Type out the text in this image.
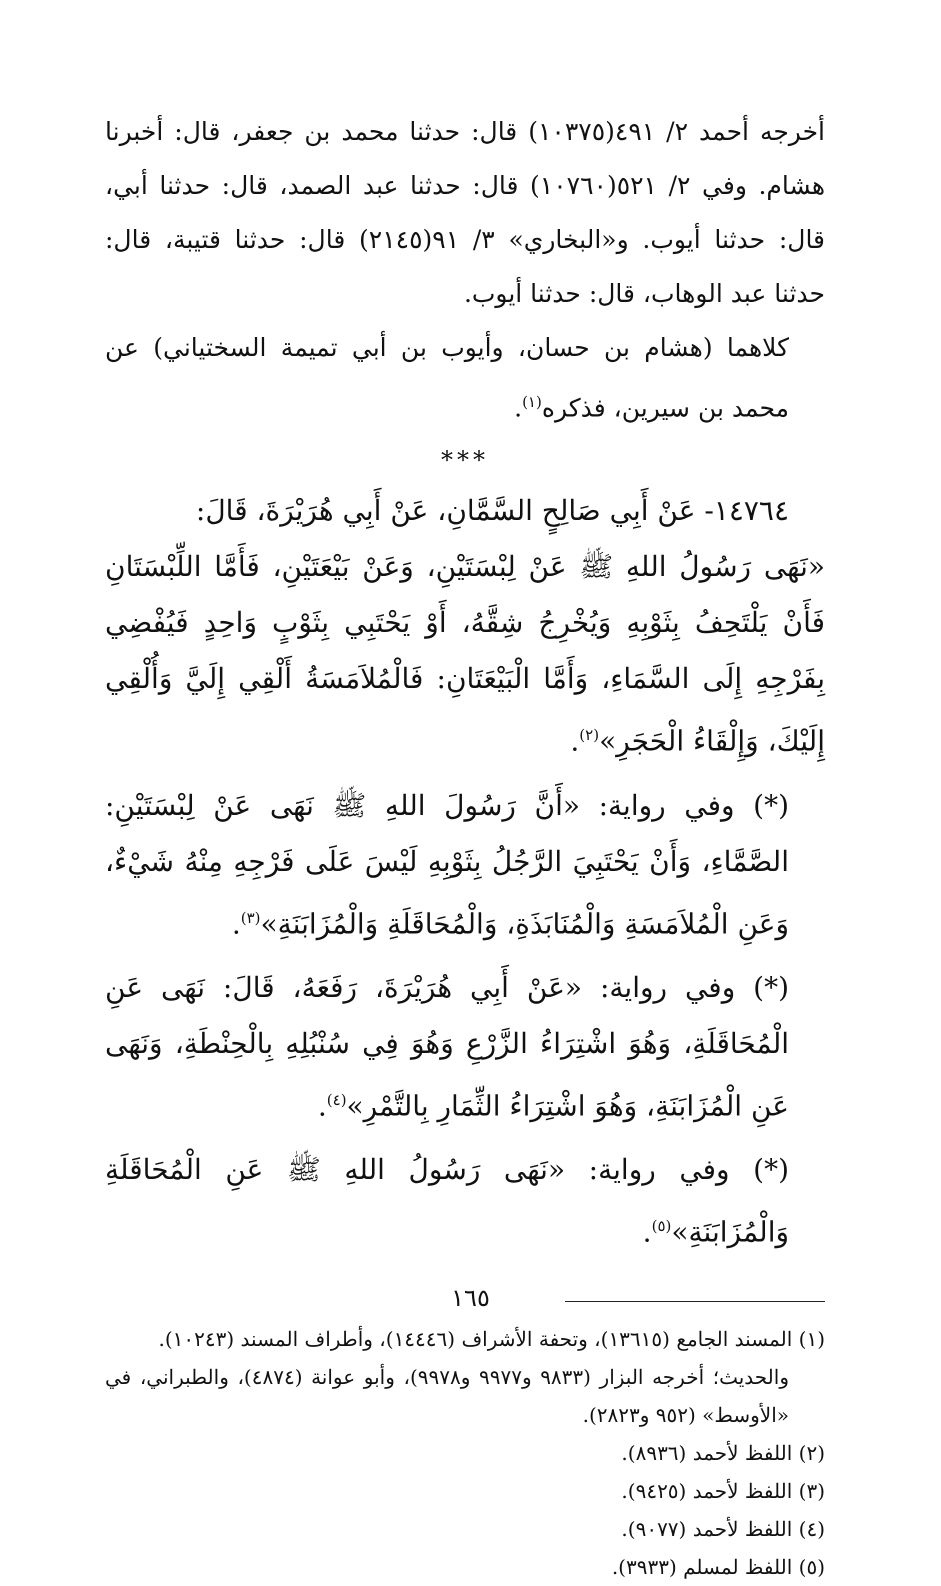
أخرجه أحمد ٢/ ٤٩١(١٠٣٧٥) قال: حدثنا محمد بن جعفر، قال: أخبرنا هشام. وفي ٢/ ٥٢١(١٠٧٦٠) قال: حدثنا عبد الصمد، قال: حدثنا أبي، قال: حدثنا أيوب. و«البخاري» ٣/ ٩١(٢١٤٥) قال: حدثنا قتيبة، قال: حدثنا عبد الوهاب، قال: حدثنا أيوب.

كلاهما (هشام بن حسان، وأيوب بن أبي تميمة السختياني) عن محمد بن سيرين، فذكره$^{(١)}$.

***

١٤٧٦٤- عَنْ أَبِي صَالِحٍ السَّمَّانِ، عَنْ أَبِي هُرَيْرَةَ، قَالَ:

«نَهَى رَسُولُ اللهِ ﷺ عَنْ لِبْسَتَيْنِ، وَعَنْ بَيْعَتَيْنِ، فَأَمَّا اللِّبْسَتَانِ فَأَنْ يَلْتَحِفُ بِثَوْبِهِ وَيُخْرِجُ شِقَّهُ، أَوْ يَحْتَبِي بِثَوْبٍ وَاحِدٍ فَيُفْضِي بِفَرْجِهِ إِلَى السَّمَاءِ، وَأَمَّا الْبَيْعَتَانِ: فَالْمُلاَمَسَةُ أَلْقِي إِلَيَّ وَأُلْقِي إِلَيْكَ، وَإِلْقَاءُ الْحَجَرِ»$^{(٢)}$.

(*) وفي رواية: «أَنَّ رَسُولَ اللهِ ﷺ نَهَى عَنْ لِبْسَتَيْنِ: الصَّمَّاءِ، وَأَنْ يَحْتَبِيَ الرَّجُلُ بِثَوْبِهِ لَيْسَ عَلَى فَرْجِهِ مِنْهُ شَيْءٌ، وَعَنِ الْمُلاَمَسَةِ وَالْمُنَابَذَةِ، وَالْمُحَاقَلَةِ وَالْمُزَابَنَةِ»$^{(٣)}$.

(*) وفي رواية: «عَنْ أَبِي هُرَيْرَةَ، رَفَعَهُ، قَالَ: نَهَى عَنِ الْمُحَاقَلَةِ، وَهُوَ اشْتِرَاءُ الزَّرْعِ وَهُوَ فِي سُنْبُلِهِ بِالْحِنْطَةِ، وَنَهَى عَنِ الْمُزَابَنَةِ، وَهُوَ اشْتِرَاءُ الثِّمَارِ بِالتَّمْرِ»$^{(٤)}$.

(*) وفي رواية: «نَهَى رَسُولُ اللهِ ﷺ عَنِ الْمُحَاقَلَةِ وَالْمُزَابَنَةِ»$^{(٥)}$.

(١) المسند الجامع (١٣٦١٥)، وتحفة الأشراف (١٤٤٤٦)، وأطراف المسند (١٠٢٤٣).

والحديث؛ أخرجه البزار (٩٨٣٣ و٩٩٧٧ و٩٩٧٨)، وأبو عوانة (٤٨٧٤)، والطبراني، في «الأوسط» (٩٥٢ و٢٨٢٣).

(٢) اللفظ لأحمد (٨٩٣٦).

(٣) اللفظ لأحمد (٩٤٢٥).

(٤) اللفظ لأحمد (٩٠٧٧).

(٥) اللفظ لمسلم (٣٩٣٣).

١٦٥
